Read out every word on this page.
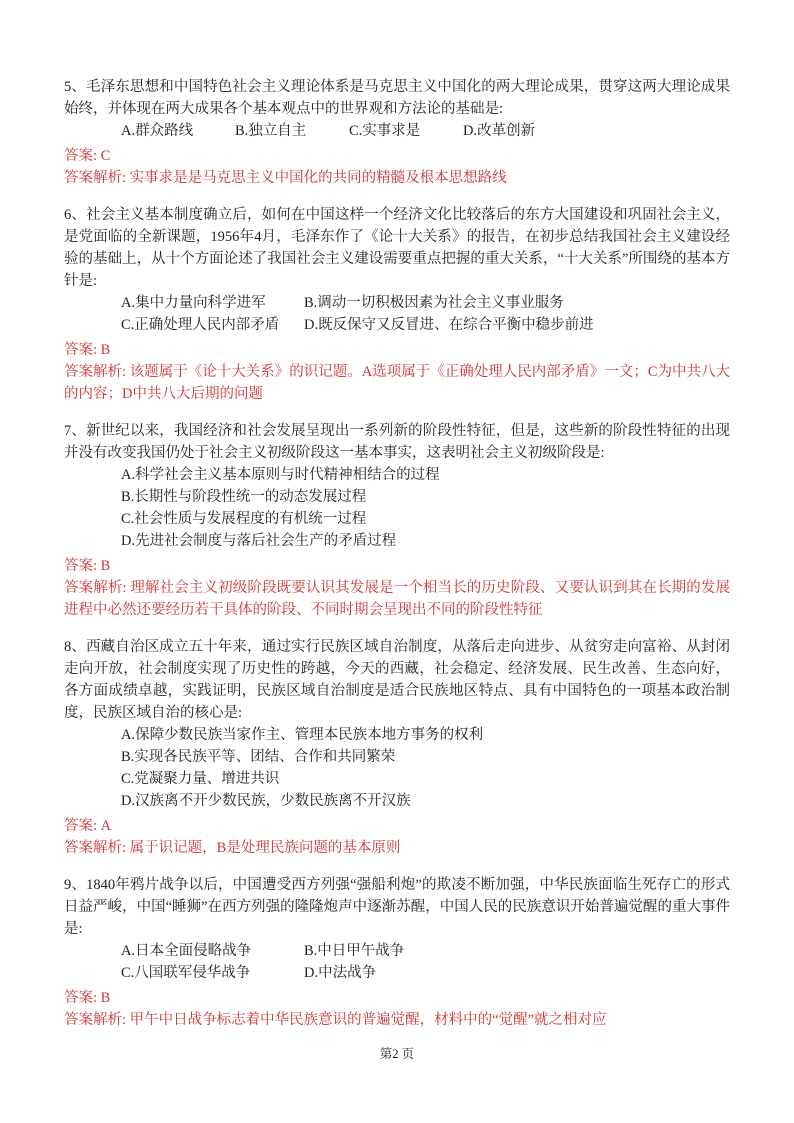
5、毛泽东思想和中国特色社会主义理论体系是马克思主义中国化的两大理论成果，贯穿这两大理论成果始终，并体现在两大成果各个基本观点中的世界观和方法论的基础是:
A.群众路线	B.独立自主	C.实事求是	D.改革创新
答案: C
答案解析: 实事求是是马克思主义中国化的共同的精髓及根本思想路线
6、社会主义基本制度确立后，如何在中国这样一个经济文化比较落后的东方大国建设和巩固社会主义，是党面临的全新课题，1956年4月，毛泽东作了《论十大关系》的报告，在初步总结我国社会主义建设经验的基础上，从十个方面论述了我国社会主义建设需要重点把握的重大关系，“十大关系”所围绕的基本方针是:
A.集中力量向科学进军	B.调动一切积极因素为社会主义事业服务
C.正确处理人民内部矛盾 D.既反保守又反冒进、在综合平衡中稳步前进
答案: B
答案解析: 该题属于《论十大关系》的识记题。A选项属于《正确处理人民内部矛盾》一文；C为中共八大的内容；D中共八大后期的问题
7、新世纪以来，我国经济和社会发展呈现出一系列新的阶段性特征，但是，这些新的阶段性特征的出现并没有改变我国仍处于社会主义初级阶段这一基本事实，这表明社会主义初级阶段是:
A.科学社会主义基本原则与时代精神相结合的过程
B.长期性与阶段性统一的动态发展过程
C.社会性质与发展程度的有机统一过程
D.先进社会制度与落后社会生产的矛盾过程
答案: B
答案解析: 理解社会主义初级阶段既要认识其发展是一个相当长的历史阶段、又要认识到其在长期的发展进程中必然还要经历若干具体的阶段、不同时期会呈现出不同的阶段性特征
8、西藏自治区成立五十年来，通过实行民族区域自治制度，从落后走向进步、从贫穷走向富裕、从封闭走向开放，社会制度实现了历史性的跨越，今天的西藏，社会稳定、经济发展、民生改善、生态向好，各方面成绩卓越，实践证明，民族区域自治制度是适合民族地区特点、具有中国特色的一项基本政治制度，民族区域自治的核心是:
A.保障少数民族当家作主、管理本民族本地方事务的权利
B.实现各民族平等、团结、合作和共同繁荣
C.党凝聚力量、增进共识
D.汉族离不开少数民族，少数民族离不开汉族
答案: A
答案解析: 属于识记题，B是处理民族问题的基本原则
9、1840年鸦片战争以后，中国遭受西方列强“强船利炮”的欺凌不断加强，中华民族面临生死存亡的形式日益严峻，中国“睡狮”在西方列强的隆隆炮声中逐渐苏醒，中国人民的民族意识开始普遍觉醒的重大事件是:
A.日本全面侵略战争	B.中日甲午战争
C.八国联军侵华战争	D.中法战争
答案: B
答案解析: 甲午中日战争标志着中华民族意识的普遍觉醒，材料中的“觉醒”就之相对应
第2 页
